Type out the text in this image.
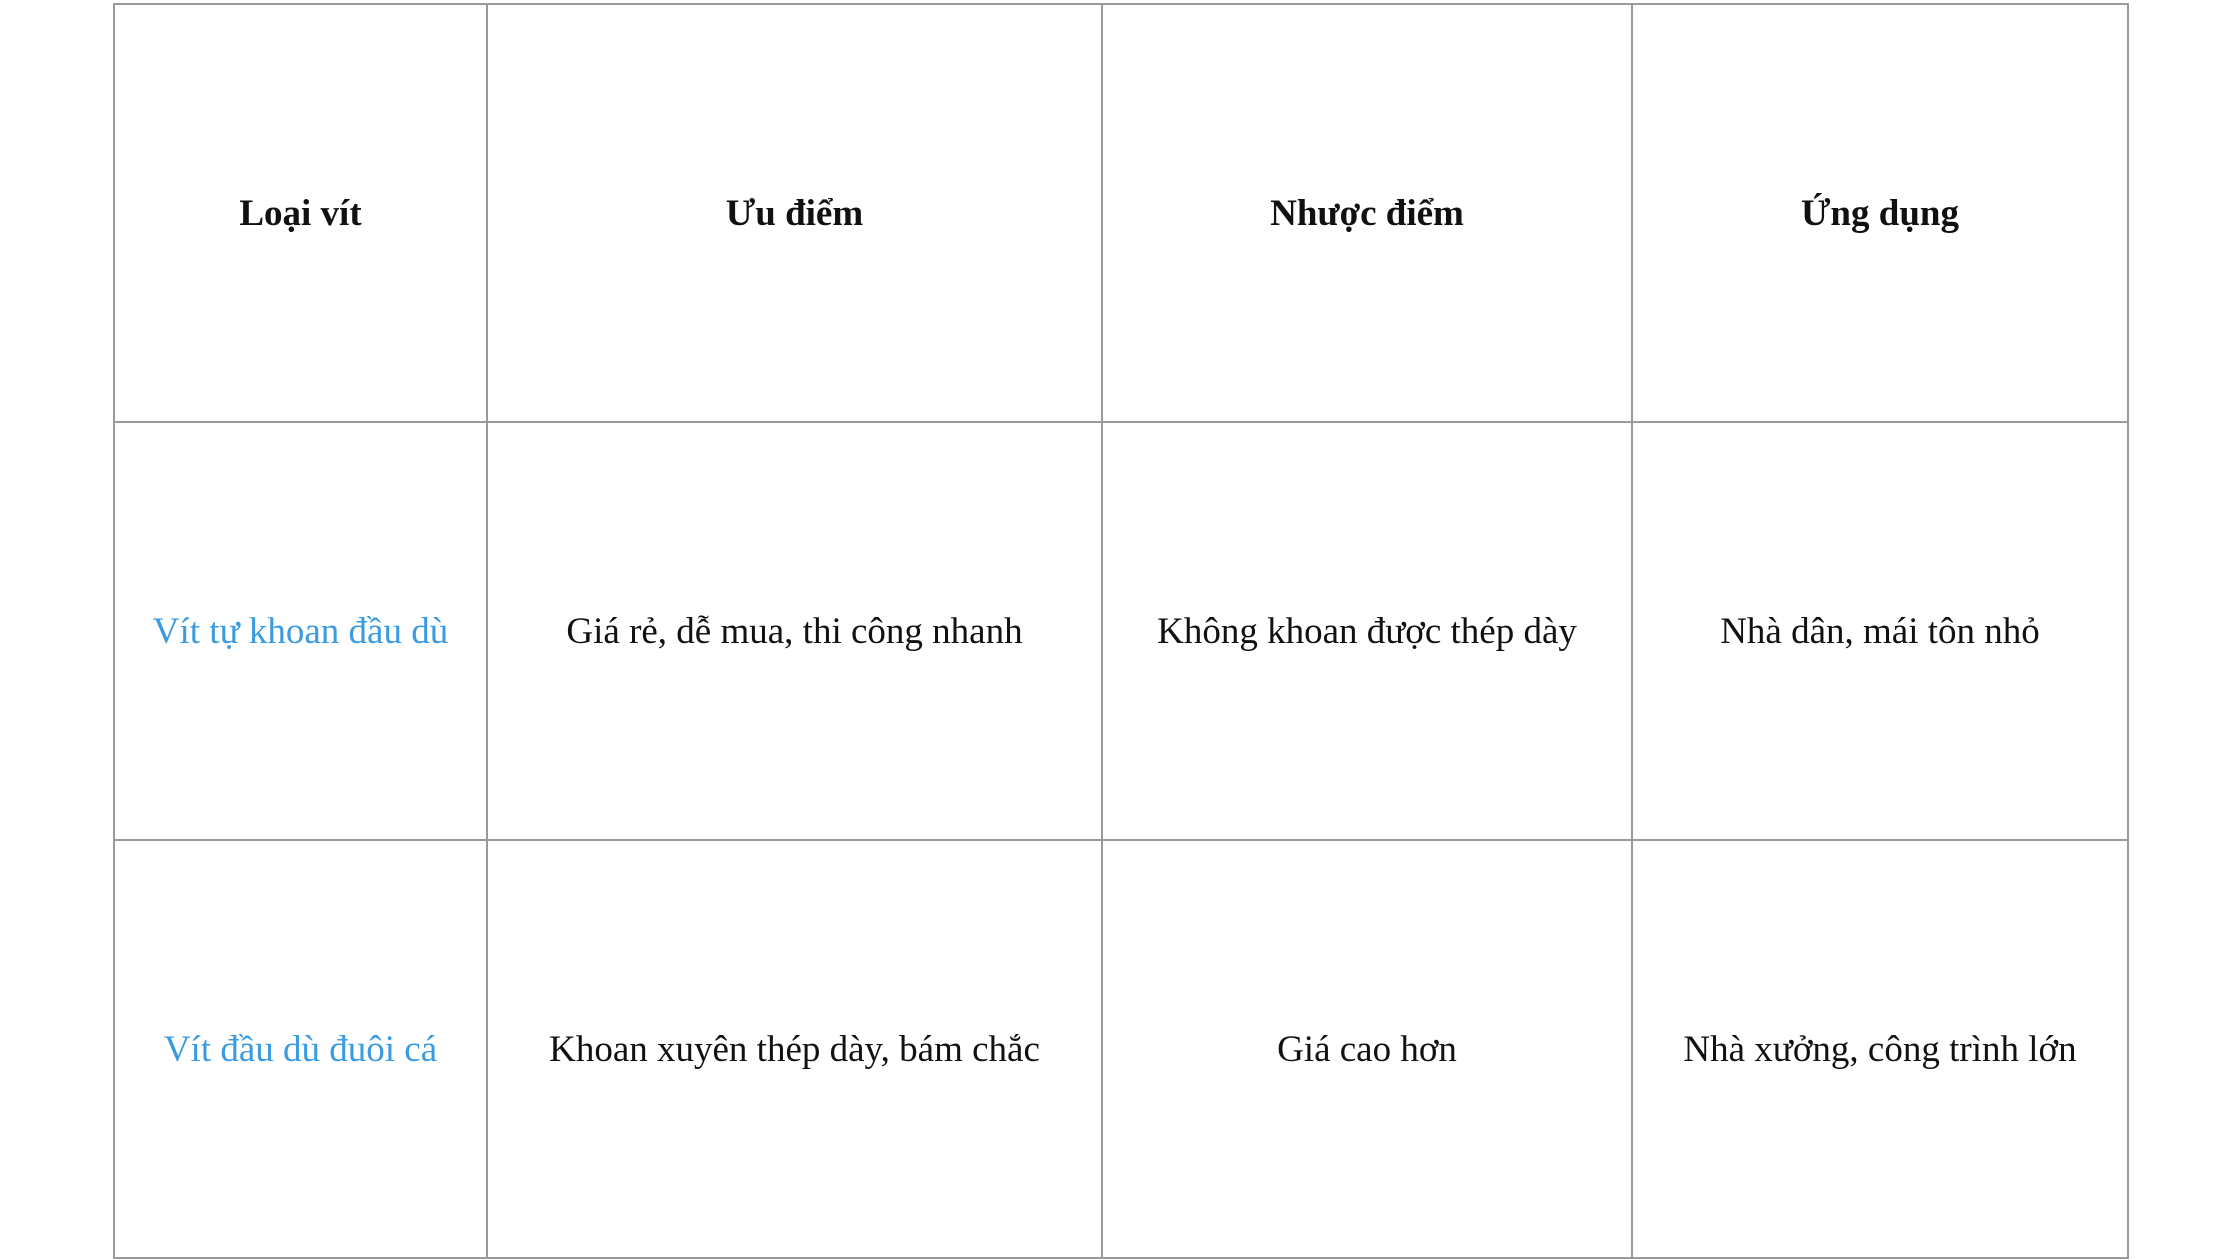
Loại vít	Ưu điểm	Nhược điểm	Ứng dụng
Vít tự khoan đầu dù	Giá rẻ, dễ mua, thi công nhanh	Không khoan được thép dày	Nhà dân, mái tôn nhỏ
Vít đầu dù đuôi cá	Khoan xuyên thép dày, bám chắc	Giá cao hơn	Nhà xưởng, công trình lớn
